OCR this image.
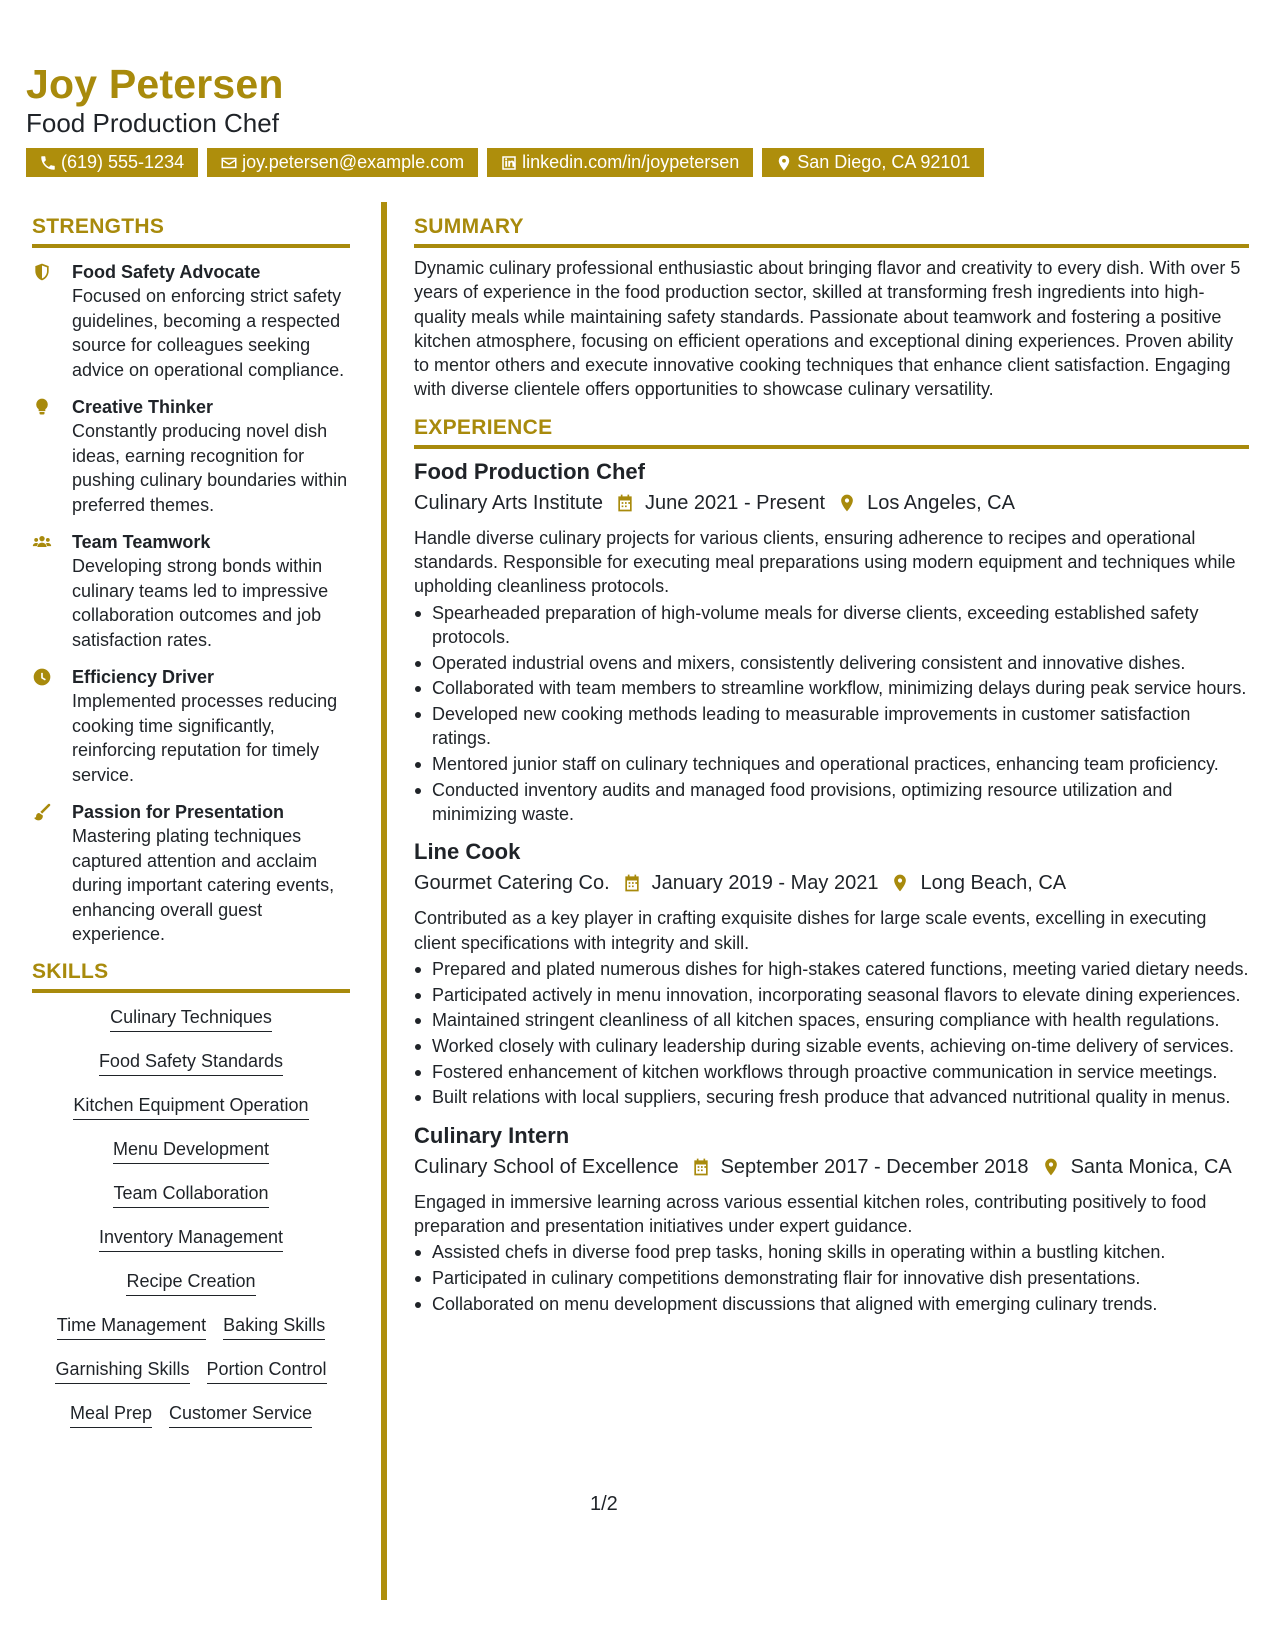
Joy Petersen
Food Production Chef
(619) 555-1234	joy.petersen@example.com	linkedin.com/in/joypetersen	San Diego, CA 92101
STRENGTHS
Food Safety Advocate
Focused on enforcing strict safety guidelines, becoming a respected source for colleagues seeking advice on operational compliance.
Creative Thinker
Constantly producing novel dish ideas, earning recognition for pushing culinary boundaries within preferred themes.
Team Teamwork
Developing strong bonds within culinary teams led to impressive collaboration outcomes and job satisfaction rates.
Efficiency Driver
Implemented processes reducing cooking time significantly, reinforcing reputation for timely service.
Passion for Presentation
Mastering plating techniques captured attention and acclaim during important catering events, enhancing overall guest experience.
SKILLS
Culinary Techniques
Food Safety Standards
Kitchen Equipment Operation
Menu Development
Team Collaboration
Inventory Management
Recipe Creation
Time Management Baking Skills
Garnishing Skills Portion Control
Meal Prep Customer Service
SUMMARY
Dynamic culinary professional enthusiastic about bringing flavor and creativity to every dish. With over 5 years of experience in the food production sector, skilled at transforming fresh ingredients into high-quality meals while maintaining safety standards. Passionate about teamwork and fostering a positive kitchen atmosphere, focusing on efficient operations and exceptional dining experiences. Proven ability to mentor others and execute innovative cooking techniques that enhance client satisfaction. Engaging with diverse clientele offers opportunities to showcase culinary versatility.
EXPERIENCE
Food Production Chef
Culinary Arts Institute June 2021 - Present Los Angeles, CA
Handle diverse culinary projects for various clients, ensuring adherence to recipes and operational standards. Responsible for executing meal preparations using modern equipment and techniques while upholding cleanliness protocols.
Spearheaded preparation of high-volume meals for diverse clients, exceeding established safety protocols.
Operated industrial ovens and mixers, consistently delivering consistent and innovative dishes.
Collaborated with team members to streamline workflow, minimizing delays during peak service hours.
Developed new cooking methods leading to measurable improvements in customer satisfaction ratings.
Mentored junior staff on culinary techniques and operational practices, enhancing team proficiency.
Conducted inventory audits and managed food provisions, optimizing resource utilization and minimizing waste.
Line Cook
Gourmet Catering Co. January 2019 - May 2021 Long Beach, CA
Contributed as a key player in crafting exquisite dishes for large scale events, excelling in executing client specifications with integrity and skill.
Prepared and plated numerous dishes for high-stakes catered functions, meeting varied dietary needs.
Participated actively in menu innovation, incorporating seasonal flavors to elevate dining experiences.
Maintained stringent cleanliness of all kitchen spaces, ensuring compliance with health regulations.
Worked closely with culinary leadership during sizable events, achieving on-time delivery of services.
Fostered enhancement of kitchen workflows through proactive communication in service meetings.
Built relations with local suppliers, securing fresh produce that advanced nutritional quality in menus.
Culinary Intern
Culinary School of Excellence September 2017 - December 2018 Santa Monica, CA
Engaged in immersive learning across various essential kitchen roles, contributing positively to food preparation and presentation initiatives under expert guidance.
Assisted chefs in diverse food prep tasks, honing skills in operating within a bustling kitchen.
Participated in culinary competitions demonstrating flair for innovative dish presentations.
Collaborated on menu development discussions that aligned with emerging culinary trends.
1/2
